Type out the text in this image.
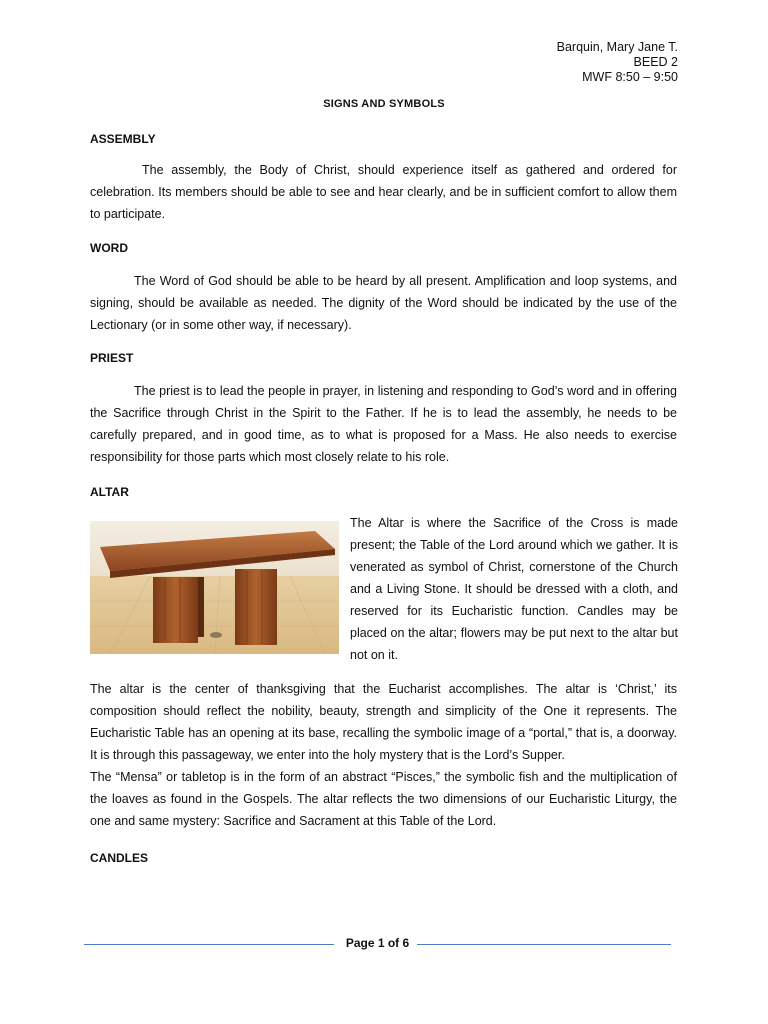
Barquin, Mary Jane T.
BEED 2
MWF 8:50 – 9:50
SIGNS AND SYMBOLS
ASSEMBLY

The assembly, the Body of Christ, should experience itself as gathered and ordered for celebration. Its members should be able to see and hear clearly, and be in sufficient comfort to allow them to participate.

WORD

The Word of God should be able to be heard by all present. Amplification and loop systems, and signing, should be available as needed. The dignity of the Word should be indicated by the use of the Lectionary (or in some other way, if necessary).

PRIEST

The priest is to lead the people in prayer, in listening and responding to God’s word and in offering the Sacrifice through Christ in the Spirit to the Father. If he is to lead the assembly, he needs to be carefully prepared, and in good time, as to what is proposed for a Mass. He also needs to exercise responsibility for those parts which most closely relate to his role.

ALTAR
The Altar is where the Sacrifice of the Cross is made present; the Table of the Lord around which we gather. It is venerated as symbol of Christ, cornerstone of the Church and a Living Stone. It should be dressed with a cloth, and reserved for its Eucharistic function. Candles may be placed on the altar; flowers may be put next to the altar but not on it.

The altar is the center of thanksgiving that the Eucharist accomplishes. The altar is ‘Christ,’ its composition should reflect the nobility, beauty, strength and simplicity of the One it represents. The Eucharistic Table has an opening at its base, recalling the symbolic image of a “portal,” that is, a doorway. It is through this passageway, we enter into the holy mystery that is the Lord’s Supper.

The “Mensa” or tabletop is in the form of an abstract “Pisces,” the symbolic fish and the multiplication of the loaves as found in the Gospels. The altar reflects the two dimensions of our Eucharistic Liturgy, the one and same mystery: Sacrifice and Sacrament at this Table of the Lord.

CANDLES
Page 1 of 6
